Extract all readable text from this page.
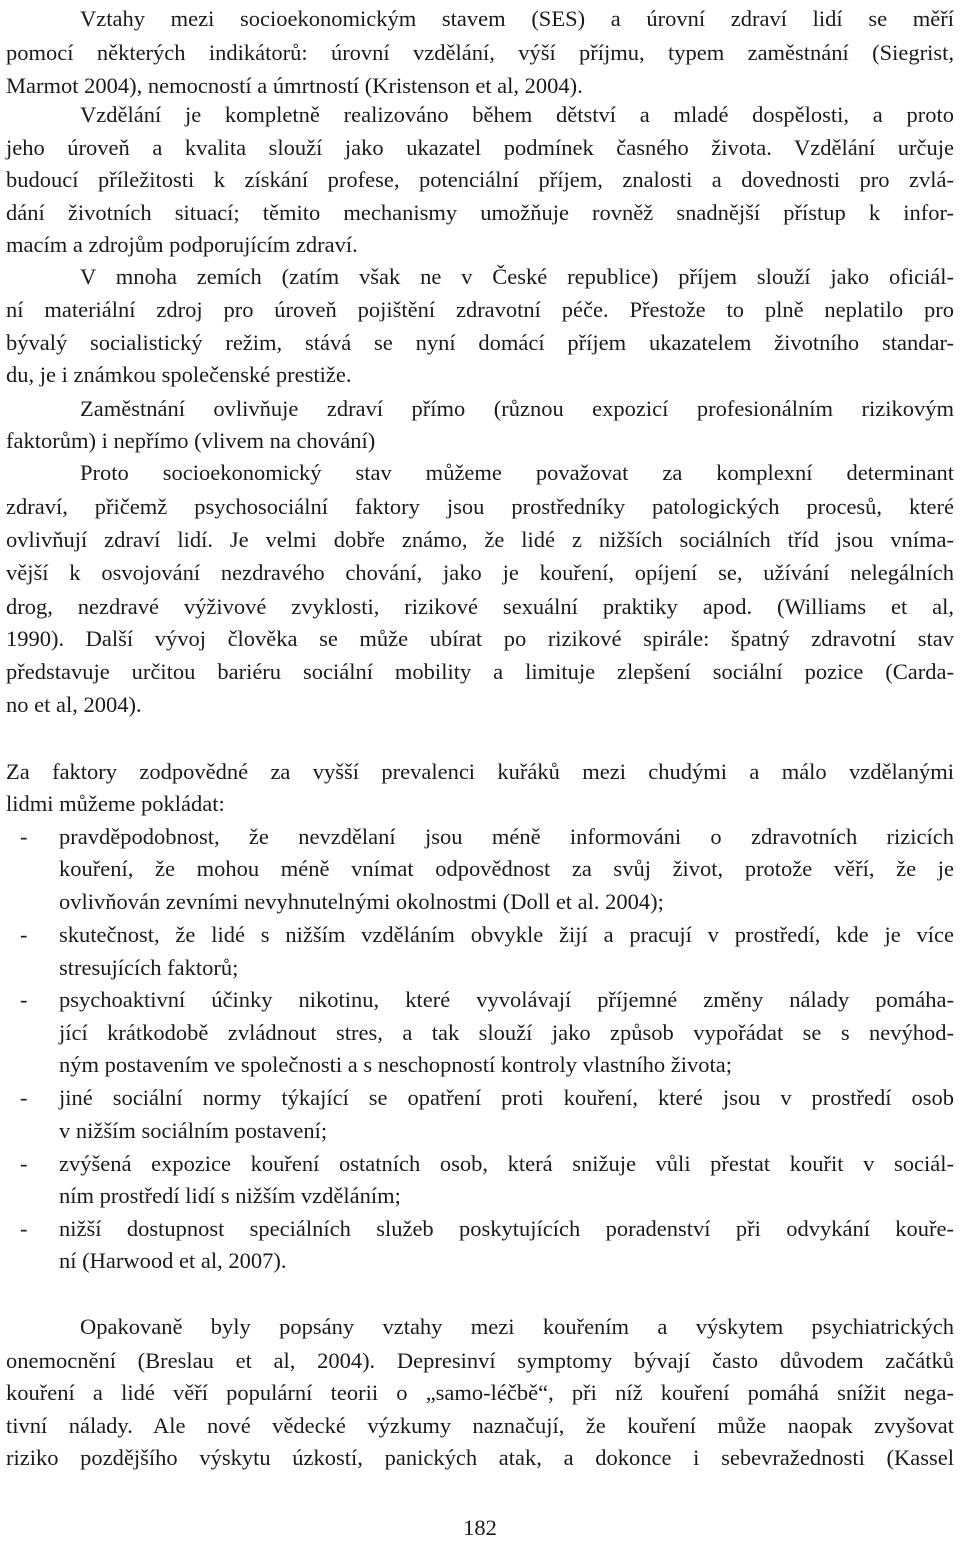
Vztahy mezi socioekonomickým stavem (SES) a úrovní zdraví lidí se měří
pomocí některých indikátorů: úrovní vzdělání, výší příjmu, typem zaměstnání (Siegrist,
Marmot 2004), nemocností a úmrtností (Kristenson et al, 2004).
Vzdělání je kompletně realizováno během dětství a mladé dospělosti, a proto
jeho úroveň a kvalita slouží jako ukazatel podmínek časného života. Vzdělání určuje
budoucí příležitosti k získání profese, potenciální příjem, znalosti a dovednosti pro zvlá-
dání životních situací; těmito mechanismy umožňuje rovněž snadnější přístup k infor-
macím a zdrojům podporujícím zdraví.
V mnoha zemích (zatím však ne v České republice) příjem slouží jako oficiál-
ní materiální zdroj pro úroveň pojištění zdravotní péče. Přestože to plně neplatilo pro
bývalý socialistický režim, stává se nyní domácí příjem ukazatelem životního standar-
du, je i známkou společenské prestiže.
Zaměstnání ovlivňuje zdraví přímo (různou expozicí profesionálním rizikovým
faktorům) i nepřímo (vlivem na chování)
Proto socioekonomický stav můžeme považovat za komplexní determinant
zdraví, přičemž psychosociální faktory jsou prostředníky patologických procesů, které
ovlivňují zdraví lidí. Je velmi dobře známo, že lidé z nižších sociálních tříd jsou vníma-
vější k osvojování nezdravého chování, jako je kouření, opíjení se, užívání nelegálních
drog, nezdravé výživové zvyklosti, rizikové sexuální praktiky apod. (Williams et al,
1990). Další vývoj člověka se může ubírat po rizikové spirále: špatný zdravotní stav
představuje určitou bariéru sociální mobility a limituje zlepšení sociální pozice (Carda-
no et al, 2004).
Za faktory zodpovědné za vyšší prevalenci kuřáků mezi chudými a málo vzdělanými
lidmi můžeme pokládat:
- pravděpodobnost, že nevzdělaní jsou méně informováni o zdravotních rizicích
kouření, že mohou méně vnímat odpovědnost za svůj život, protože věří, že je
ovlivňován zevními nevyhnutelnými okolnostmi (Doll et al. 2004);
- skutečnost, že lidé s nižším vzděláním obvykle žijí a pracují v prostředí, kde je více
stresujících faktorů;
- psychoaktivní účinky nikotinu, které vyvolávají příjemné změny nálady pomáha-
jící krátkodobě zvládnout stres, a tak slouží jako způsob vypořádat se s nevýhod-
ným postavením ve společnosti a s neschopností kontroly vlastního života;
- jiné sociální normy týkající se opatření proti kouření, které jsou v prostředí osob
v nižším sociálním postavení;
- zvýšená expozice kouření ostatních osob, která snižuje vůli přestat kouřit v sociál-
ním prostředí lidí s nižším vzděláním;
- nižší dostupnost speciálních služeb poskytujících poradenství při odvykání kouře-
ní (Harwood et al, 2007).
Opakovaně byly popsány vztahy mezi kouřením a výskytem psychiatrických
onemocnění (Breslau et al, 2004). Depresinví symptomy bývají často důvodem začátků
kouření a lidé věří populární teorii o „samo-léčbě“, při níž kouření pomáhá snížit nega-
tivní nálady. Ale nové vědecké výzkumy naznačují, že kouření může naopak zvyšovat
riziko pozdějšího výskytu úzkostí, panických atak, a dokonce i sebevražednosti (Kassel
182
